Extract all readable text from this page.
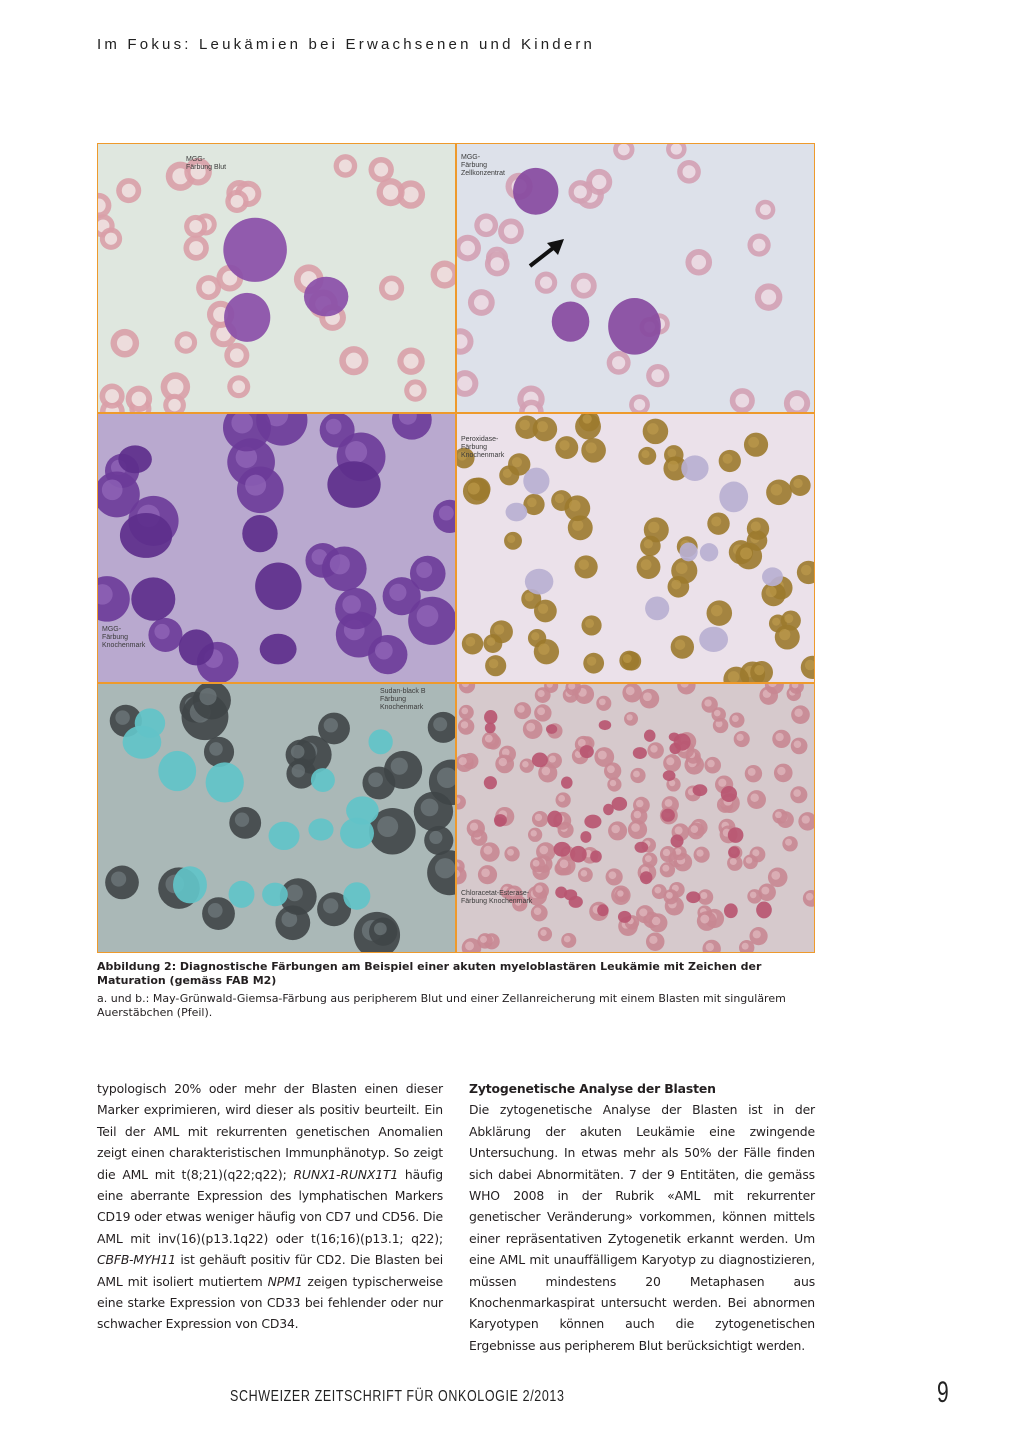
Im Fokus: Leukämien bei Erwachsenen und Kindern
MGG-
Färbung Blut
MGG-
Färbung
Zellkonzentrat
MGG-
Färbung
Knochenmark
Peroxidase-
Färbung
Knochenmark
Sudan-black B
Färbung
Knochenmark
Chloracetat-Esterase-
Färbung Knochenmark

Abbildung 2: Diagnostische Färbungen am Beispiel einer akuten myeloblastären Leukämie mit Zeichen der Maturation (gemäss FAB M2)

a. und b.: May-Grünwald-Giemsa-Färbung aus peripherem Blut und einer Zellanreicherung mit einem Blasten mit singulärem Auerstäbchen (Pfeil).

typologisch 20% oder mehr der Blasten einen dieser Marker exprimieren, wird dieser als positiv beurteilt. Ein Teil der AML mit rekurrenten genetischen Anomalien zeigt einen charakteristischen Immunphänotyp. So zeigt die AML mit t(8;21)(q22;q22); RUNX1-RUNX1T1 häufig eine aberrante Expression des lymphatischen Markers CD19 oder etwas weniger häufig von CD7 und CD56. Die AML mit inv(16)(p13.1q22) oder t(16;16)(p13.1; q22); CBFB-MYH11 ist gehäuft positiv für CD2. Die Blasten bei AML mit isoliert mutiertem NPM1 zeigen typischerweise eine starke Expression von CD33 bei fehlender oder nur schwacher Expression von CD34.

Zytogenetische Analyse der Blasten

Die zytogenetische Analyse der Blasten ist in der Abklärung der akuten Leukämie eine zwingende Untersuchung. In etwas mehr als 50% der Fälle finden sich dabei Abnormitäten. 7 der 9 Entitäten, die gemäss WHO 2008 in der Rubrik «AML mit rekurrenter genetischer Veränderung» vorkommen, können mittels einer repräsentativen Zytogenetik erkannt werden. Um eine AML mit unauffälligem Karyotyp zu diagnostizieren, müssen mindestens 20 Metaphasen aus Knochenmarkaspirat untersucht werden. Bei abnormen Karyotypen können auch die zytogenetischen Ergebnisse aus peripherem Blut berücksichtigt werden.

SCHWEIZER ZEITSCHRIFT FÜR ONKOLOGIE 2/2013	9
